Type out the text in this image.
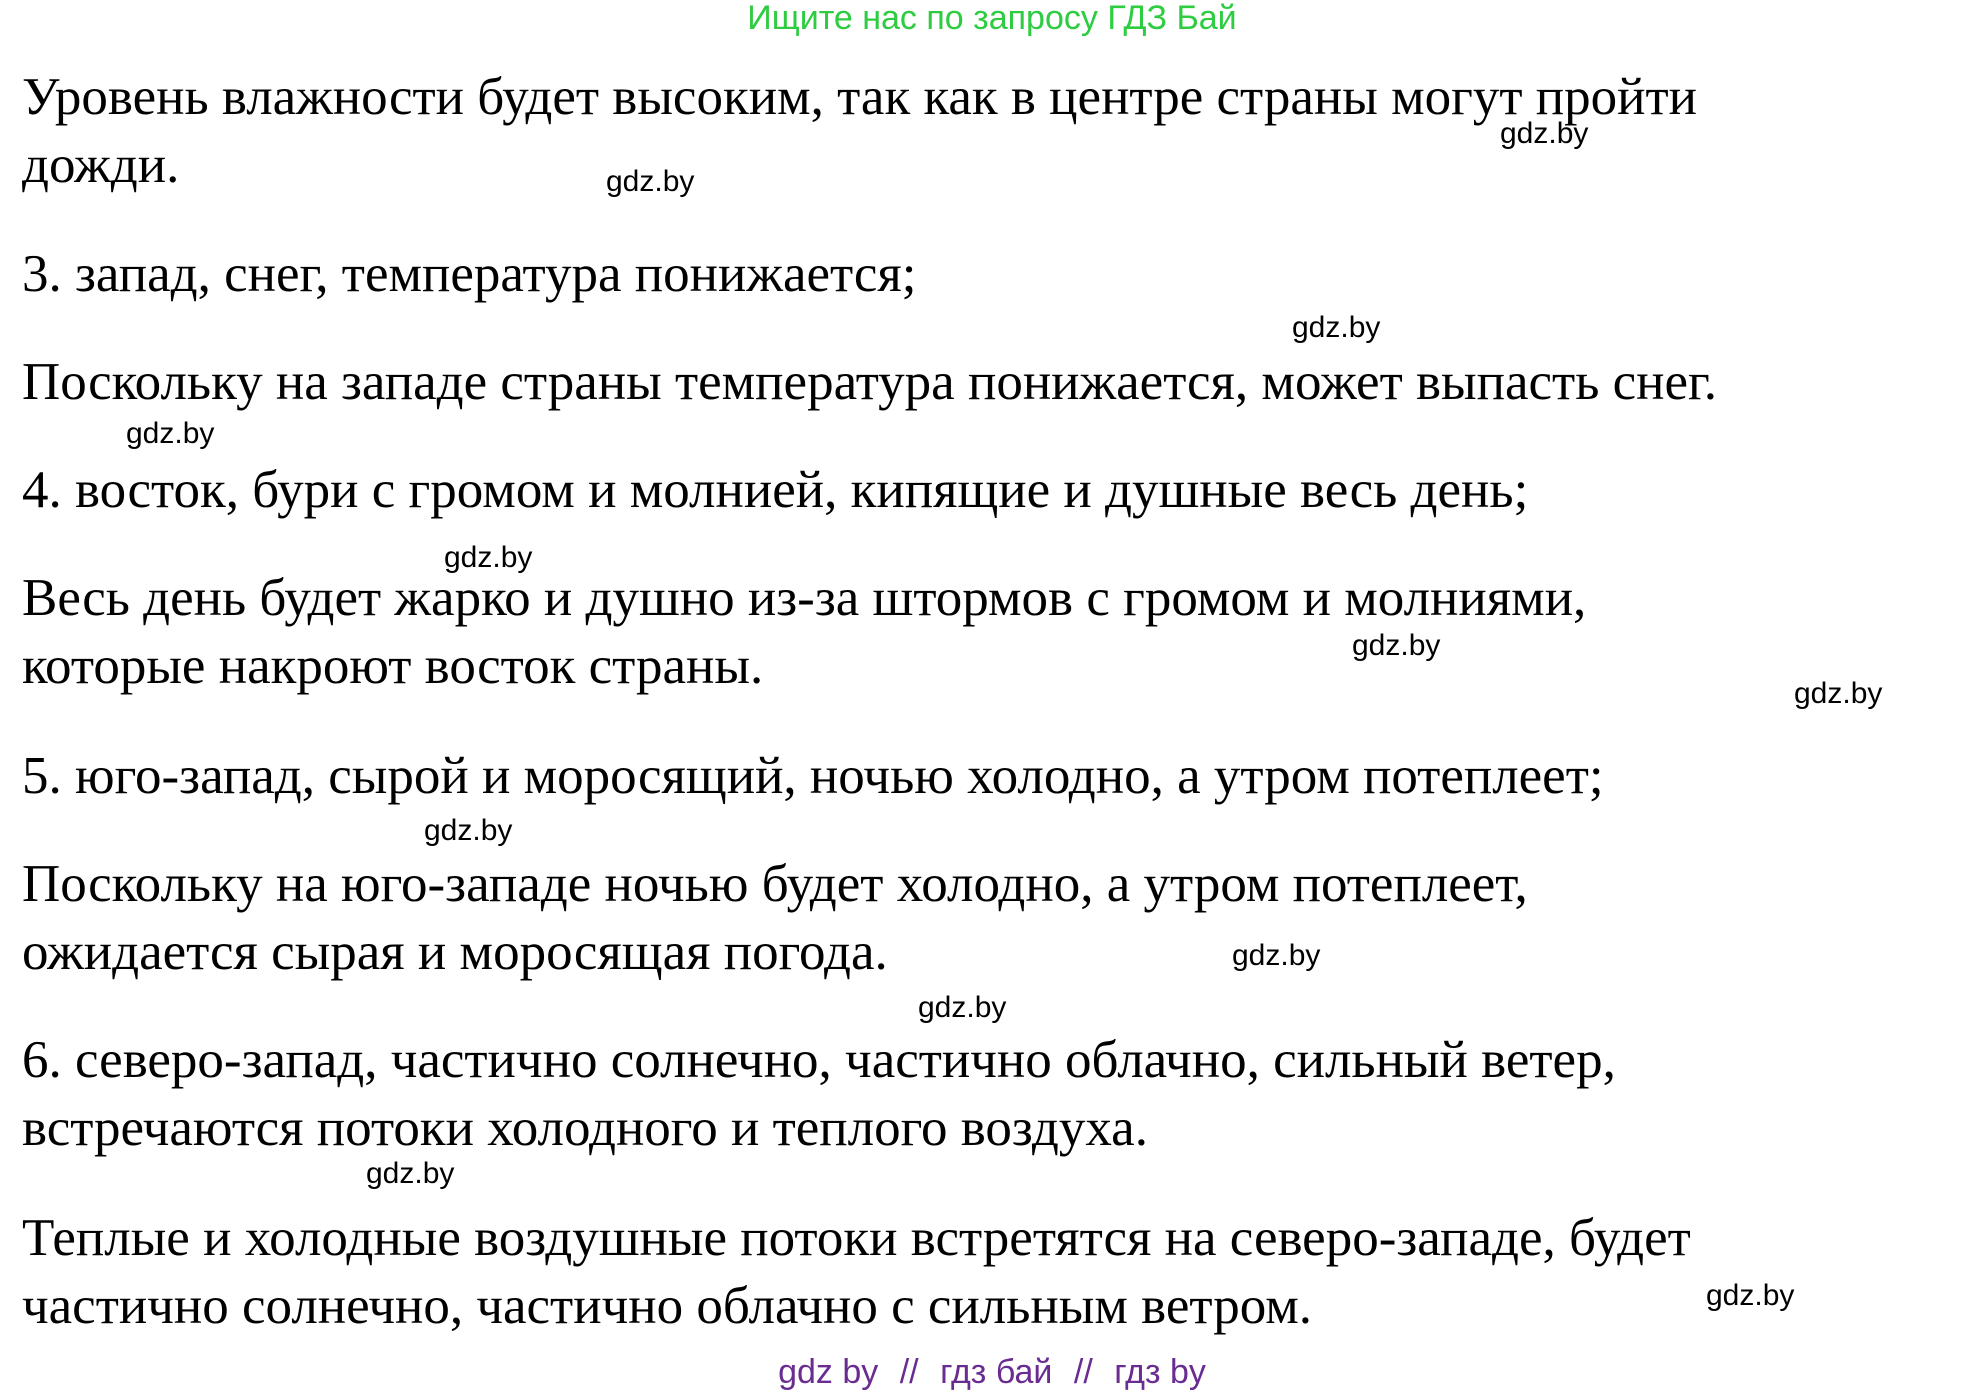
Ищите нас по запросу ГДЗ Бай
Уровень влажности будет высоким, так как в центре страны могут пройти
дожди.
3. запад, снег, температура понижается;
Поскольку на западе страны температура понижается, может выпасть снег.
4. восток, бури с громом и молнией, кипящие и душные весь день;
Весь день будет жарко и душно из-за штормов с громом и молниями,
которые накроют восток страны.
5. юго-запад, сырой и моросящий, ночью холодно, а утром потеплеет;
Поскольку на юго-западе ночью будет холодно, а утром потеплеет,
ожидается сырая и моросящая погода.
6. северо-запад, частично солнечно, частично облачно, сильный ветер,
встречаются потоки холодного и теплого воздуха.
Теплые и холодные воздушные потоки встретятся на северо-западе, будет
частично солнечно, частично облачно с сильным ветром.
gdz.by
gdz.by
gdz.by
gdz.by
gdz.by
gdz.by
gdz.by
gdz.by
gdz.by
gdz.by
gdz.by
gdz.by
gdz by // гдз бай // гдз by
